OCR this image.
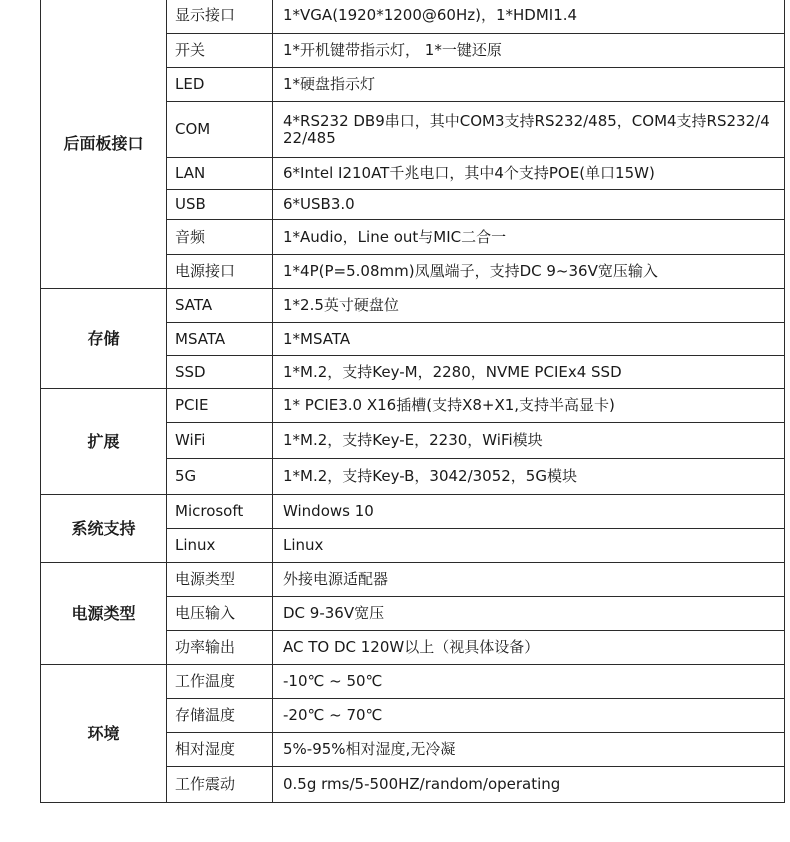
后面板接口	显示接口	1*VGA(1920*1200@60Hz)，1*HDMI1.4
	开关	1*开机键带指示灯， 1*一键还原
	LED	1*硬盘指示灯
	COM	4*RS232 DB9串口，其中COM3支持RS232/485，COM4支持RS232/422/485
	LAN	6*Intel I210AT千兆电口，其中4个支持POE(单口15W)
	USB	6*USB3.0
	音频	1*Audio，Line out与MIC二合一
	电源接口	1*4P(P=5.08mm)凤凰端子，支持DC 9~36V宽压输入
存储	SATA	1*2.5英寸硬盘位
	MSATA	1*MSATA
	SSD	1*M.2，支持Key-M，2280，NVME PCIEx4 SSD
扩展	PCIE	1* PCIE3.0 X16插槽(支持X8+X1,支持半高显卡)
	WiFi	1*M.2，支持Key-E，2230，WiFi模块
	5G	1*M.2，支持Key-B，3042/3052，5G模块
系统支持	Microsoft	Windows 10
	Linux	Linux
电源类型	电源类型	外接电源适配器
	电压输入	DC 9-36V宽压
	功率输出	AC TO DC 120W以上（视具体设备）
环境	工作温度	-10℃ ~ 50℃
	存储温度	-20℃ ~ 70℃
	相对湿度	5%-95%相对湿度,无冷凝
	工作震动	0.5g rms/5-500HZ/random/operating
